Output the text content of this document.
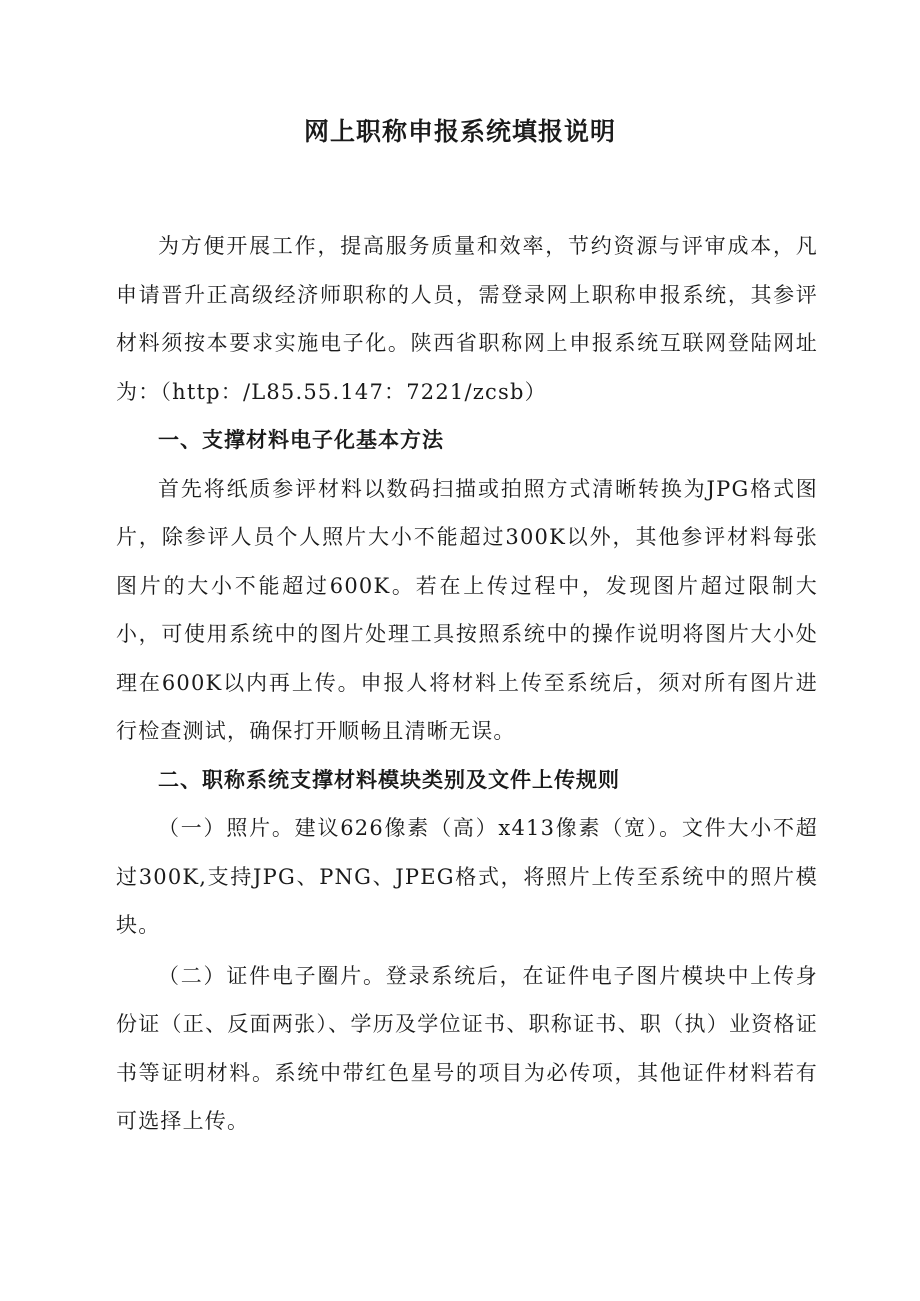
网上职称申报系统填报说明

为方便开展工作，提高服务质量和效率，节约资源与评审成本，凡申请晋升正高级经济师职称的人员，需登录网上职称申报系统，其参评材料须按本要求实施电子化。陕西省职称网上申报系统互联网登陆网址为：（http：/L85.55.147：7221/zcsb）

一、支撑材料电子化基本方法

首先将纸质参评材料以数码扫描或拍照方式清晰转换为JPG格式图片，除参评人员个人照片大小不能超过300K以外，其他参评材料每张图片的大小不能超过600K。若在上传过程中，发现图片超过限制大小，可使用系统中的图片处理工具按照系统中的操作说明将图片大小处理在600K以内再上传。申报人将材料上传至系统后，须对所有图片进行检查测试，确保打开顺畅且清晰无误。

二、职称系统支撑材料模块类别及文件上传规则

（一）照片。建议626像素（高）x413像素（宽）。文件大小不超过300K,支持JPG、PNG、JPEG格式，将照片上传至系统中的照片模块。

（二）证件电子圈片。登录系统后，在证件电子图片模块中上传身份证（正、反面两张）、学历及学位证书、职称证书、职（执）业资格证书等证明材料。系统中带红色星号的项目为必传项，其他证件材料若有可选择上传。
